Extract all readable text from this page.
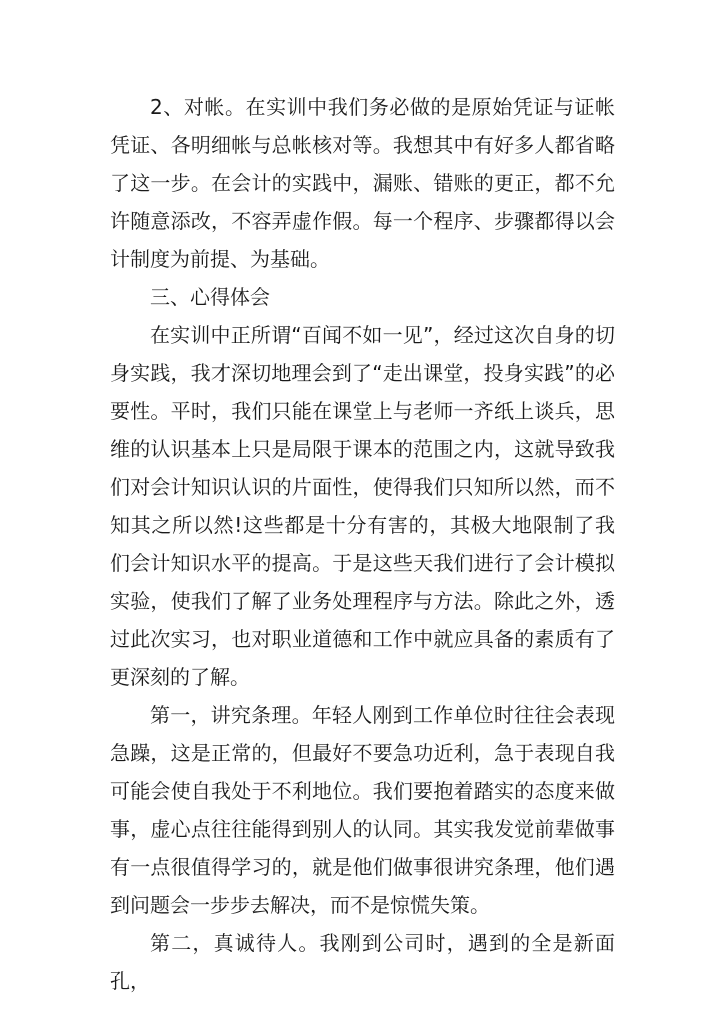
2、对帐。在实训中我们务必做的是原始凭证与证帐凭证、各明细帐与总帐核对等。我想其中有好多人都省略了这一步。在会计的实践中，漏账、错账的更正，都不允许随意添改，不容弄虚作假。每一个程序、步骤都得以会计制度为前提、为基础。

三、心得体会

在实训中正所谓“百闻不如一见”，经过这次自身的切身实践，我才深切地理会到了“走出课堂，投身实践”的必要性。平时，我们只能在课堂上与老师一齐纸上谈兵，思维的认识基本上只是局限于课本的范围之内，这就导致我们对会计知识认识的片面性，使得我们只知所以然，而不知其之所以然!这些都是十分有害的，其极大地限制了我们会计知识水平的提高。于是这些天我们进行了会计模拟实验，使我们了解了业务处理程序与方法。除此之外，透过此次实习，也对职业道德和工作中就应具备的素质有了更深刻的了解。

第一，讲究条理。年轻人刚到工作单位时往往会表现急躁，这是正常的，但最好不要急功近利，急于表现自我可能会使自我处于不利地位。我们要抱着踏实的态度来做事，虚心点往往能得到别人的认同。其实我发觉前辈做事有一点很值得学习的，就是他们做事很讲究条理，他们遇到问题会一步步去解决，而不是惊慌失策。

第二，真诚待人。我刚到公司时，遇到的全是新面孔，
